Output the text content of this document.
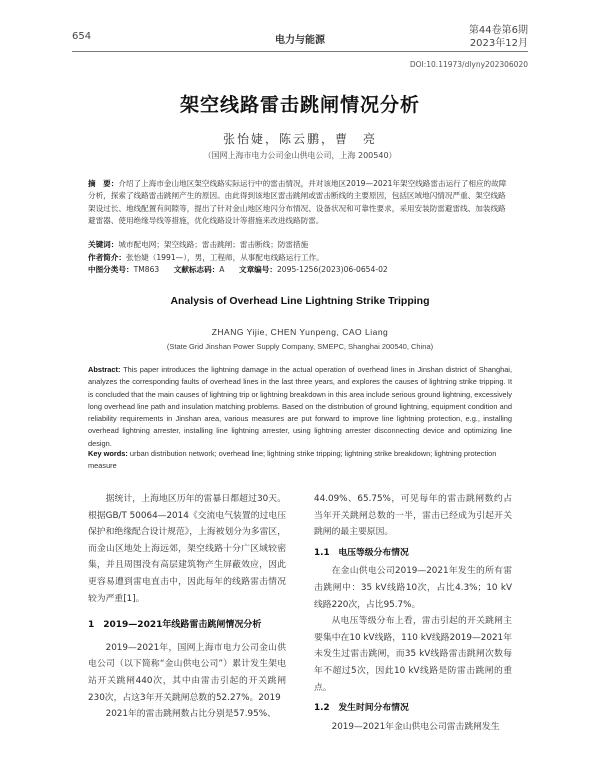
654	电力与能源
第44卷第6期
2023年12月
DOI:10.11973/dlyny202306020
架空线路雷击跳闸情况分析
张怡婕，陈云鹏，曹　亮
（国网上海市电力公司金山供电公司，上海 200540）
摘　要：介绍了上海市金山地区架空线路实际运行中的雷击情况，并对该地区2019—2021年架空线路雷击运行了相应的故障分析，探索了线路雷击跳闸产生的原因。由此得到该地区雷击跳闸或雷击断线的主要原因，包括区域地闪情况严重、架空线路架设过长、地线配置有间隙等，提出了针对金山地区地闪分布情况、设备状况和可靠性要求，采用安装防雷避雷线、加装线路避雷器、使用绝缘导线等措施，优化线路设计等措施来改进线路防雷。
关键词：城市配电网；架空线路；雷击跳闸；雷击断线；防雷措施
作者简介：张怡婕（1991—），男，工程师，从事配电线路运行工作。
中图分类号：TM863 文献标志码：A 文章编号：2095-1256(2023)06-0654-02
Analysis of Overhead Line Lightning Strike Tripping
ZHANG Yijie, CHEN Yunpeng, CAO Liang
(State Grid Jinshan Power Supply Company, SMEPC, Shanghai 200540, China)
Abstract: This paper introduces the lightning damage in the actual operation of overhead lines in Jinshan district of Shanghai, analyzes the corresponding faults of overhead lines in the last three years, and explores the causes of lightning strike tripping. It is concluded that the main causes of lightning trip or lightning breakdown in this area include serious ground lightning, excessively long overhead line path and insulation matching problems. Based on the distribution of ground lightning, equipment condition and reliability requirements in Jinshan area, various measures are put forward to improve line lightning protection, e.g., installing overhead lightning arrester, installing line lightning arrester, using lightning arrester disconnecting device and optimizing line design.
Key words: urban distribution network; overhead line; lightning strike tripping; lightning strike breakdown; lightning protection measure

据统计，上海地区历年的雷暴日都超过30天。根据GB/T 50064—2014《交流电气装置的过电压保护和绝缘配合设计规范》，上海被划分为多雷区，而金山区地处上海远郊，架空线路十分广区域较密集，并且周围没有高层建筑物产生屏蔽效应，因此更容易遭到雷电直击中，因此每年的线路雷击情况较为严重[1]。

1　2019—2021年线路雷击跳闸情况分析

2019—2021年，国网上海市电力公司金山供电公司（以下简称“金山供电公司”）累计发生架电站开关跳闸440次，其中由雷击引起的开关跳闸230次，占这3年开关跳闸总数的52.27%。2019

2021年的雷击跳闸数占比分别是57.95%、

44.09%、65.75%，可见每年的雷击跳闸数约占当年开关跳闸总数的一半，雷击已经成为引起开关跳闸的最主要原因。

1.1　电压等级分布情况

在金山供电公司2019—2021年发生的所有雷击跳闸中：35 kV线路10次，占比4.3%；10 kV线路220次，占比95.7%。

从电压等级分布上看，雷击引起的开关跳闸主要集中在10 kV线路，110 kV线路2019—2021年未发生过雷击跳闸，而35 kV线路雷击跳闸次数每年不超过5次，因此10 kV线路是防雷击跳闸的重点。

1.2　发生时间分布情况

2019—2021年金山供电公司雷击跳闸发生
